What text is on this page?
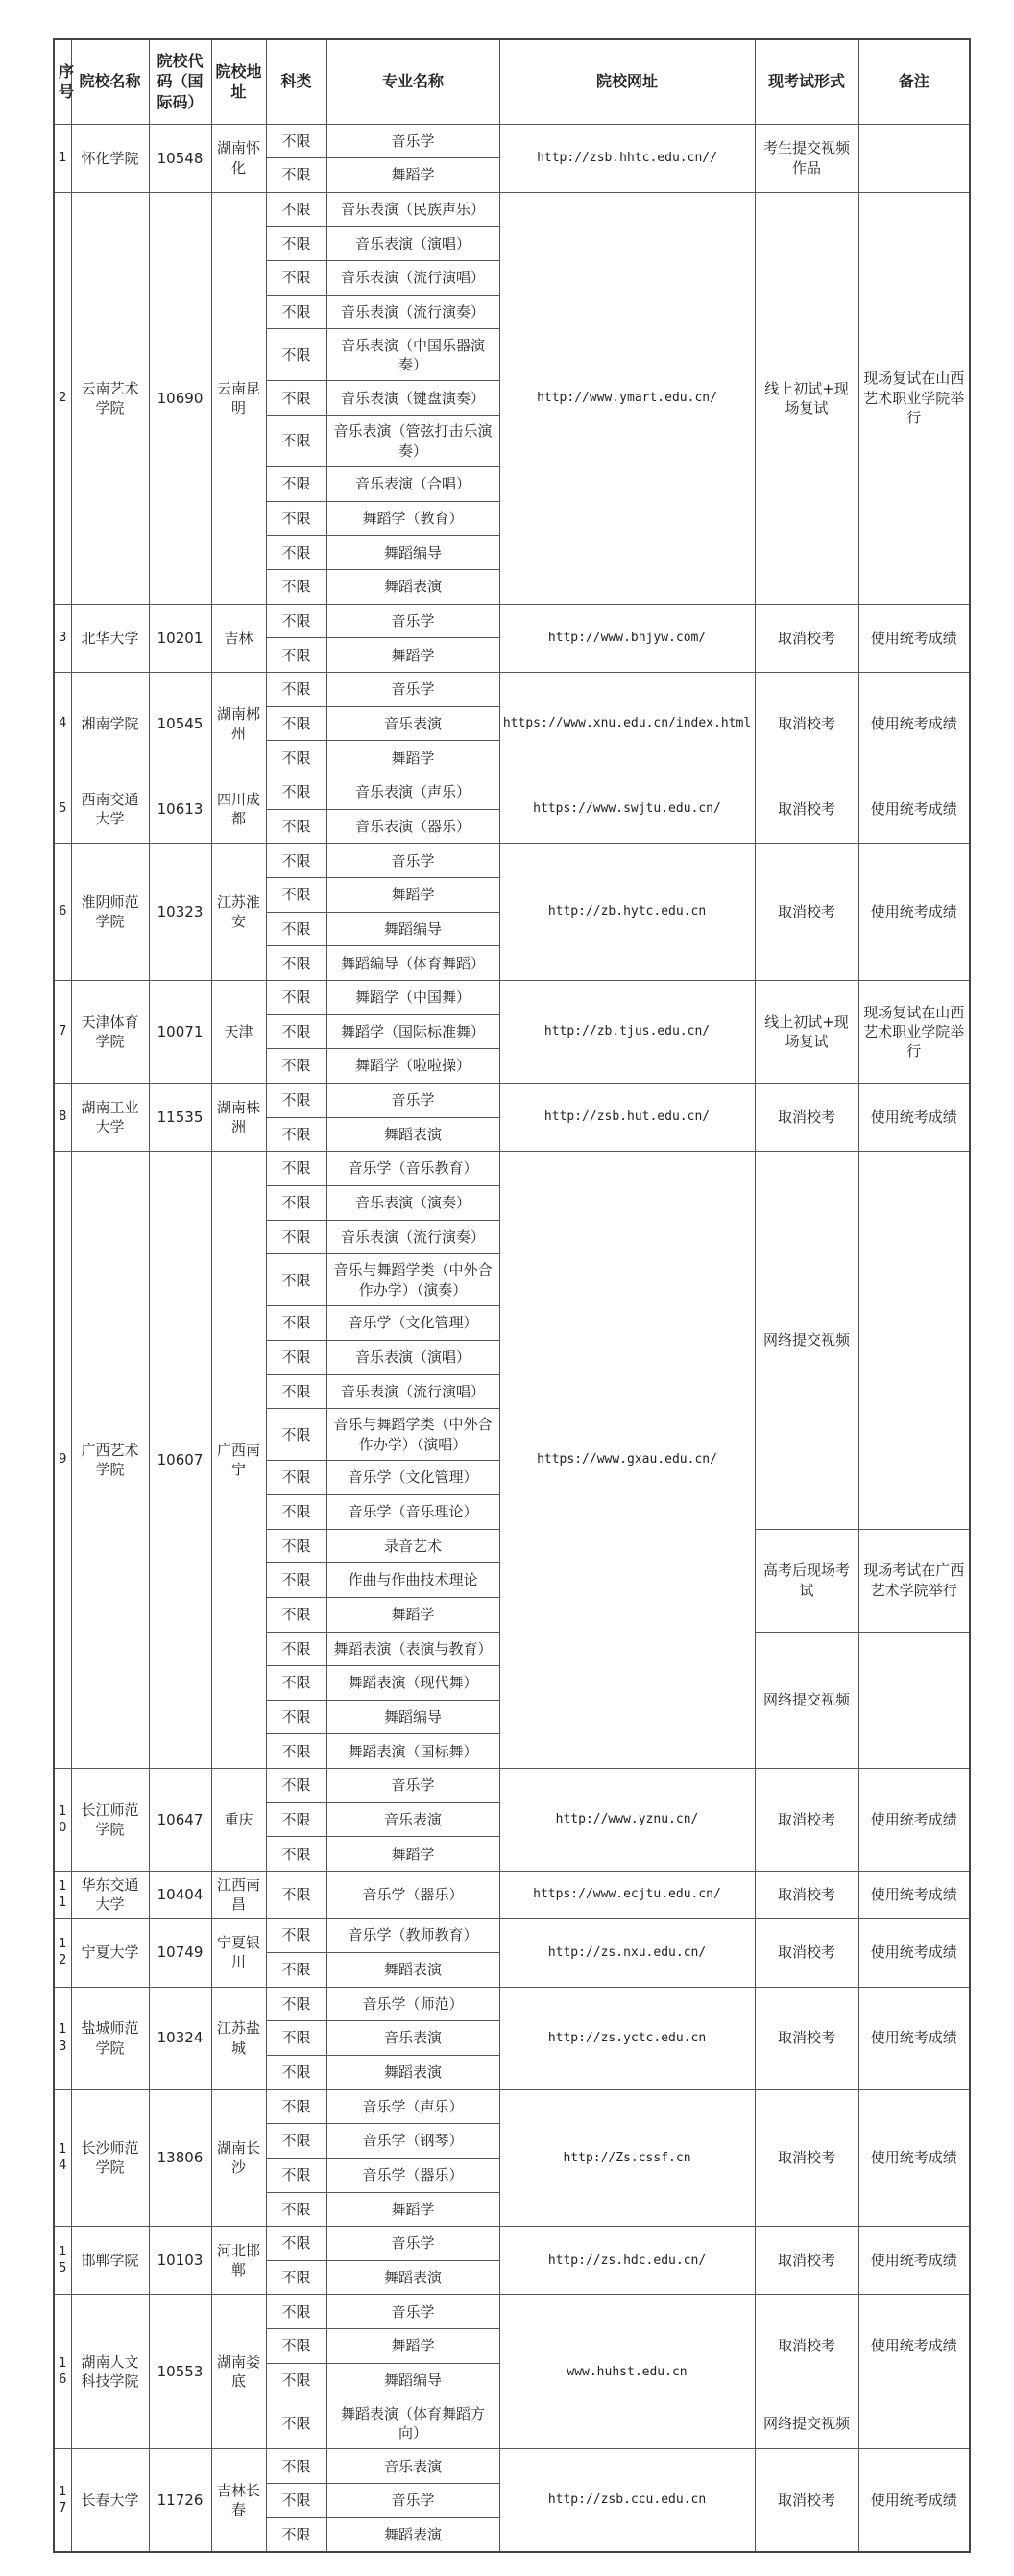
序号	院校名称	院校代码（国际码）	院校地址	科类	专业名称	院校网址	现考试形式	备注
1	怀化学院	10548	湖南怀化	不限	音乐学	http://zsb.hhtc.edu.cn//	考生提交视频作品	
				不限	舞蹈学			
2	云南艺术学院	10690	云南昆明	不限	音乐表演（民族声乐）	http://www.ymart.edu.cn/	线上初试+现场复试	现场复试在山西艺术职业学院举行
				不限	音乐表演（演唱）			
				不限	音乐表演（流行演唱）			
				不限	音乐表演（流行演奏）			
				不限	音乐表演（中国乐器演奏）			
				不限	音乐表演（键盘演奏）			
				不限	音乐表演（管弦打击乐演奏）			
				不限	音乐表演（合唱）			
				不限	舞蹈学（教育）			
				不限	舞蹈编导			
				不限	舞蹈表演			
3	北华大学	10201	吉林	不限	音乐学	http://www.bhjyw.com/	取消校考	使用统考成绩
				不限	舞蹈学			
4	湘南学院	10545	湖南郴州	不限	音乐学	https://www.xnu.edu.cn/index.html	取消校考	使用统考成绩
				不限	音乐表演			
				不限	舞蹈学			
5	西南交通大学	10613	四川成都	不限	音乐表演（声乐）	https://www.swjtu.edu.cn/	取消校考	使用统考成绩
				不限	音乐表演（器乐）			
6	淮阴师范学院	10323	江苏淮安	不限	音乐学	http://zb.hytc.edu.cn	取消校考	使用统考成绩
				不限	舞蹈学			
				不限	舞蹈编导			
				不限	舞蹈编导（体育舞蹈）			
7	天津体育学院	10071	天津	不限	舞蹈学（中国舞）	http://zb.tjus.edu.cn/	线上初试+现场复试	现场复试在山西艺术职业学院举行
				不限	舞蹈学（国际标准舞）			
				不限	舞蹈学（啦啦操）			
8	湖南工业大学	11535	湖南株洲	不限	音乐学	http://zsb.hut.edu.cn/	取消校考	使用统考成绩
				不限	舞蹈表演			
9	广西艺术学院	10607	广西南宁	不限	音乐学（音乐教育）	https://www.gxau.edu.cn/	网络提交视频	
				不限	音乐表演（演奏）			
				不限	音乐表演（流行演奏）			
				不限	音乐与舞蹈学类（中外合作办学）（演奏）			
				不限	音乐学（文化管理）			
				不限	音乐表演（演唱）			
				不限	音乐表演（流行演唱）			
				不限	音乐与舞蹈学类（中外合作办学）（演唱）			
				不限	音乐学（文化管理）			
				不限	音乐学（音乐理论）			
				不限	录音艺术		高考后现场考试	现场考试在广西艺术学院举行
				不限	作曲与作曲技术理论			
				不限	舞蹈学			
				不限	舞蹈表演（表演与教育）		网络提交视频	
				不限	舞蹈表演（现代舞）			
				不限	舞蹈编导			
				不限	舞蹈表演（国标舞）			
10	长江师范学院	10647	重庆	不限	音乐学	http://www.yznu.cn/	取消校考	使用统考成绩
				不限	音乐表演			
				不限	舞蹈学			
11	华东交通大学	10404	江西南昌	不限	音乐学（器乐）	https://www.ecjtu.edu.cn/	取消校考	使用统考成绩
12	宁夏大学	10749	宁夏银川	不限	音乐学（教师教育）	http://zs.nxu.edu.cn/	取消校考	使用统考成绩
				不限	舞蹈表演			
13	盐城师范学院	10324	江苏盐城	不限	音乐学（师范）	http://zs.yctc.edu.cn	取消校考	使用统考成绩
				不限	音乐表演			
				不限	舞蹈表演			
14	长沙师范学院	13806	湖南长沙	不限	音乐学（声乐）	http://Zs.cssf.cn	取消校考	使用统考成绩
				不限	音乐学（钢琴）			
				不限	音乐学（器乐）			
				不限	舞蹈学			
15	邯郸学院	10103	河北邯郸	不限	音乐学	http://zs.hdc.edu.cn/	取消校考	使用统考成绩
				不限	舞蹈表演			
16	湖南人文科技学院	10553	湖南娄底	不限	音乐学	www.huhst.edu.cn	取消校考	使用统考成绩
				不限	舞蹈学			
				不限	舞蹈编导			
				不限	舞蹈表演（体育舞蹈方向）		网络提交视频	
17	长春大学	11726	吉林长春	不限	音乐表演	http://zsb.ccu.edu.cn	取消校考	使用统考成绩
				不限	音乐学			
				不限	舞蹈表演			
